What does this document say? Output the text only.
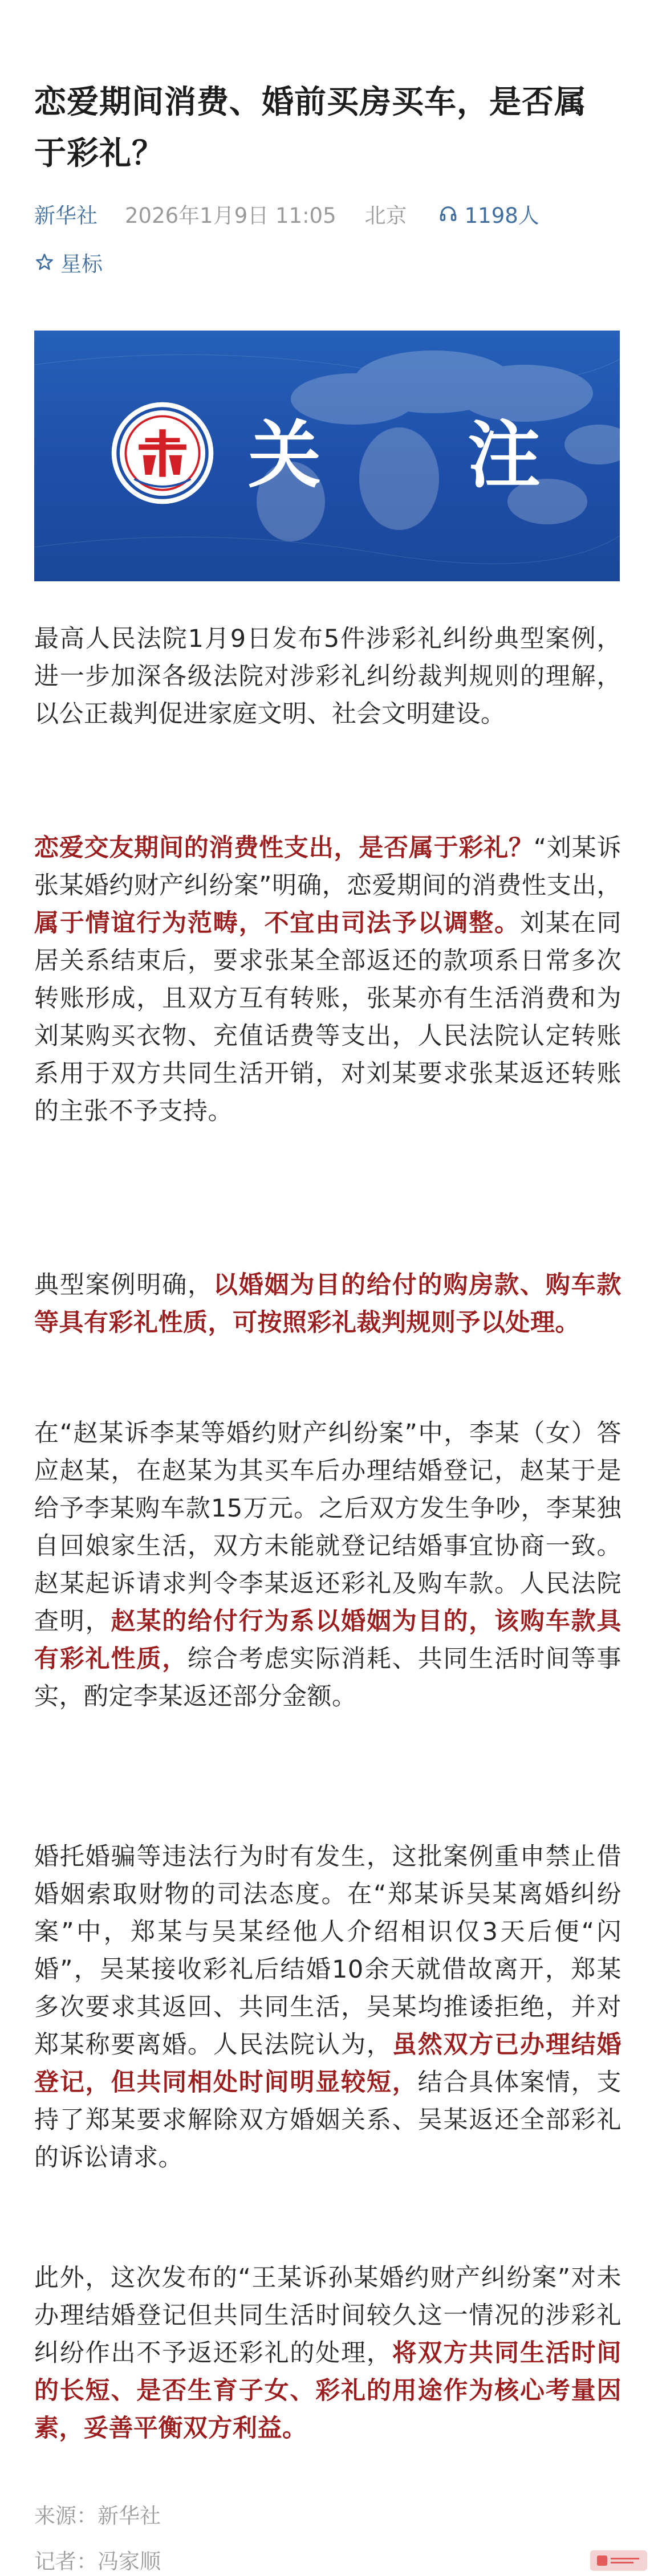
恋爱期间消费、婚前买房买车，是否属于彩礼？
新华社 2026年1月9日 11:05 北京	1198人
星标
关 注

最高人民法院1月9日发布5件涉彩礼纠纷典型案例，进一步加深各级法院对涉彩礼纠纷裁判规则的理解，以公正裁判促进家庭文明、社会文明建设。

恋爱交友期间的消费性支出，是否属于彩礼？“刘某诉张某婚约财产纠纷案”明确，恋爱期间的消费性支出，属于情谊行为范畴，不宜由司法予以调整。刘某在同居关系结束后，要求张某全部返还的款项系日常多次转账形成，且双方互有转账，张某亦有生活消费和为刘某购买衣物、充值话费等支出，人民法院认定转账系用于双方共同生活开销，对刘某要求张某返还转账的主张不予支持。

典型案例明确，以婚姻为目的给付的购房款、购车款等具有彩礼性质，可按照彩礼裁判规则予以处理。

在“赵某诉李某等婚约财产纠纷案”中，李某（女）答应赵某，在赵某为其买车后办理结婚登记，赵某于是给予李某购车款15万元。之后双方发生争吵，李某独自回娘家生活，双方未能就登记结婚事宜协商一致。赵某起诉请求判令李某返还彩礼及购车款。人民法院查明，赵某的给付行为系以婚姻为目的，该购车款具有彩礼性质，综合考虑实际消耗、共同生活时间等事实，酌定李某返还部分金额。

婚托婚骗等违法行为时有发生，这批案例重申禁止借婚姻索取财物的司法态度。在“郑某诉吴某离婚纠纷案”中，郑某与吴某经他人介绍相识仅3天后便“闪婚”，吴某接收彩礼后结婚10余天就借故离开，郑某多次要求其返回、共同生活，吴某均推诿拒绝，并对郑某称要离婚。人民法院认为，虽然双方已办理结婚登记，但共同相处时间明显较短，结合具体案情，支持了郑某要求解除双方婚姻关系、吴某返还全部彩礼的诉讼请求。

此外，这次发布的“王某诉孙某婚约财产纠纷案”对未办理结婚登记但共同生活时间较久这一情况的涉彩礼纠纷作出不予返还彩礼的处理，将双方共同生活时间的长短、是否生育子女、彩礼的用途作为核心考量因素，妥善平衡双方利益。

来源：新华社
记者：冯家顺
